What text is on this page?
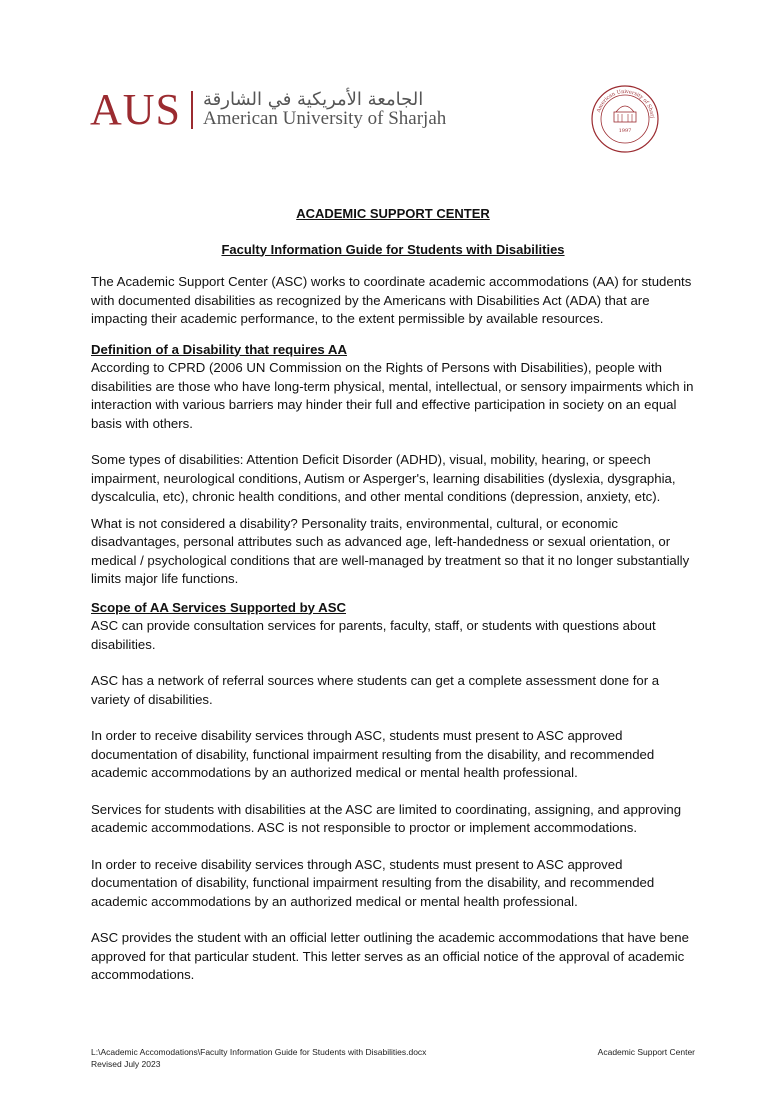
AUS الجامعة الأمريكية في الشارقة
American University of Sharjah	American University of Sharj
1997

ACADEMIC SUPPORT CENTER

Faculty Information Guide for Students with Disabilities

The Academic Support Center (ASC) works to coordinate academic accommodations (AA) for students with documented disabilities as recognized by the Americans with Disabilities Act (ADA) that are impacting their academic performance, to the extent permissible by available resources.

Definition of a Disability that requires AA

According to CPRD (2006 UN Commission on the Rights of Persons with Disabilities), people with disabilities are those who have long-term physical, mental, intellectual, or sensory impairments which in interaction with various barriers may hinder their full and effective participation in society on an equal basis with others.

Some types of disabilities: Attention Deficit Disorder (ADHD), visual, mobility, hearing, or speech impairment, neurological conditions, Autism or Asperger's, learning disabilities (dyslexia, dysgraphia, dyscalculia, etc), chronic health conditions, and other mental conditions (depression, anxiety, etc).

What is not considered a disability? Personality traits, environmental, cultural, or economic disadvantages, personal attributes such as advanced age, left-handedness or sexual orientation, or medical / psychological conditions that are well-managed by treatment so that it no longer substantially limits major life functions.

Scope of AA Services Supported by ASC

ASC can provide consultation services for parents, faculty, staff, or students with questions about disabilities.

ASC has a network of referral sources where students can get a complete assessment done for a variety of disabilities.

In order to receive disability services through ASC, students must present to ASC approved documentation of disability, functional impairment resulting from the disability, and recommended academic accommodations by an authorized medical or mental health professional.

Services for students with disabilities at the ASC are limited to coordinating, assigning, and approving academic accommodations. ASC is not responsible to proctor or implement accommodations.

In order to receive disability services through ASC, students must present to ASC approved documentation of disability, functional impairment resulting from the disability, and recommended academic accommodations by an authorized medical or mental health professional.

ASC provides the student with an official letter outlining the academic accommodations that have bene approved for that particular student. This letter serves as an official notice of the approval of academic accommodations.

L:\Academic Accomodations\Faculty Information Guide for Students with Disabilities.docx
Revised July 2023
Academic Support Center
